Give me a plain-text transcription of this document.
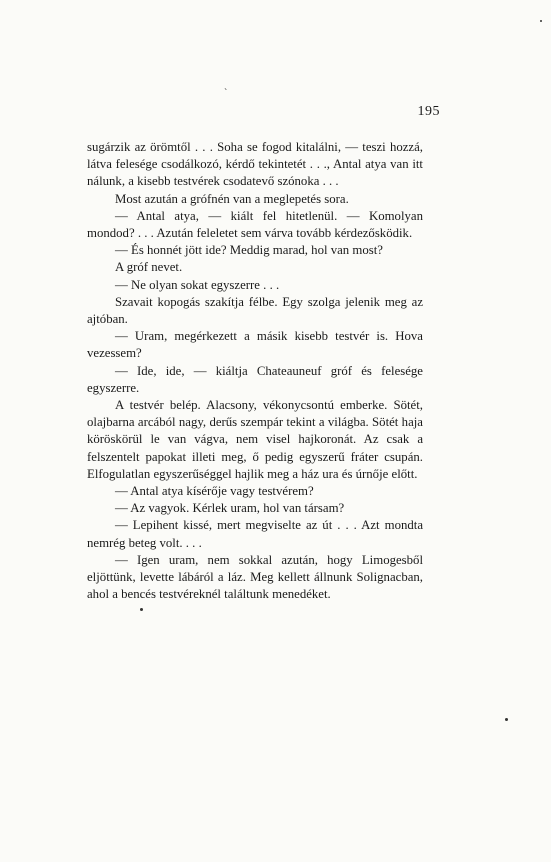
ˋ
195

sugárzik az örömtől . . . Soha se fogod kitalálni, — teszi hozzá, látva felesége csodálkozó, kérdő tekintetét . . ., Antal atya van itt nálunk, a kisebb testvérek csodatevő szónoka . . .

Most azután a grófnén van a meglepetés sora.

— Antal atya, — kiált fel hitetlenül. — Komolyan mondod? . . . Azután feleletet sem várva tovább kérdezősködik.

— És honnét jött ide? Meddig marad, hol van most?

A gróf nevet.

— Ne olyan sokat egyszerre . . .

Szavait kopogás szakítja félbe. Egy szolga jelenik meg az ajtóban.

— Uram, megérkezett a másik kisebb testvér is. Hova vezessem?

— Ide, ide, — kiáltja Chateauneuf gróf és felesége egyszerre.

A testvér belép. Alacsony, vékonycsontú emberke. Sötét, olajbarna arcából nagy, derűs szempár tekint a világba. Sötét haja köröskörül le van vágva, nem visel hajkoronát. Az csak a felszentelt papokat illeti meg, ő pedig egyszerű fráter csupán. Elfogulatlan egyszerűséggel hajlik meg a ház ura és úrnője előtt.

— Antal atya kísérője vagy testvérem?

— Az vagyok. Kérlek uram, hol van társam?

— Lepihent kissé, mert megviselte az út . . . Azt mondta nemrég beteg volt. . . .

— Igen uram, nem sokkal azután, hogy Limogesből eljöttünk, levette lábáról a láz. Meg kellett állnunk Solignacban, ahol a bencés testvéreknél találtunk menedéket.
